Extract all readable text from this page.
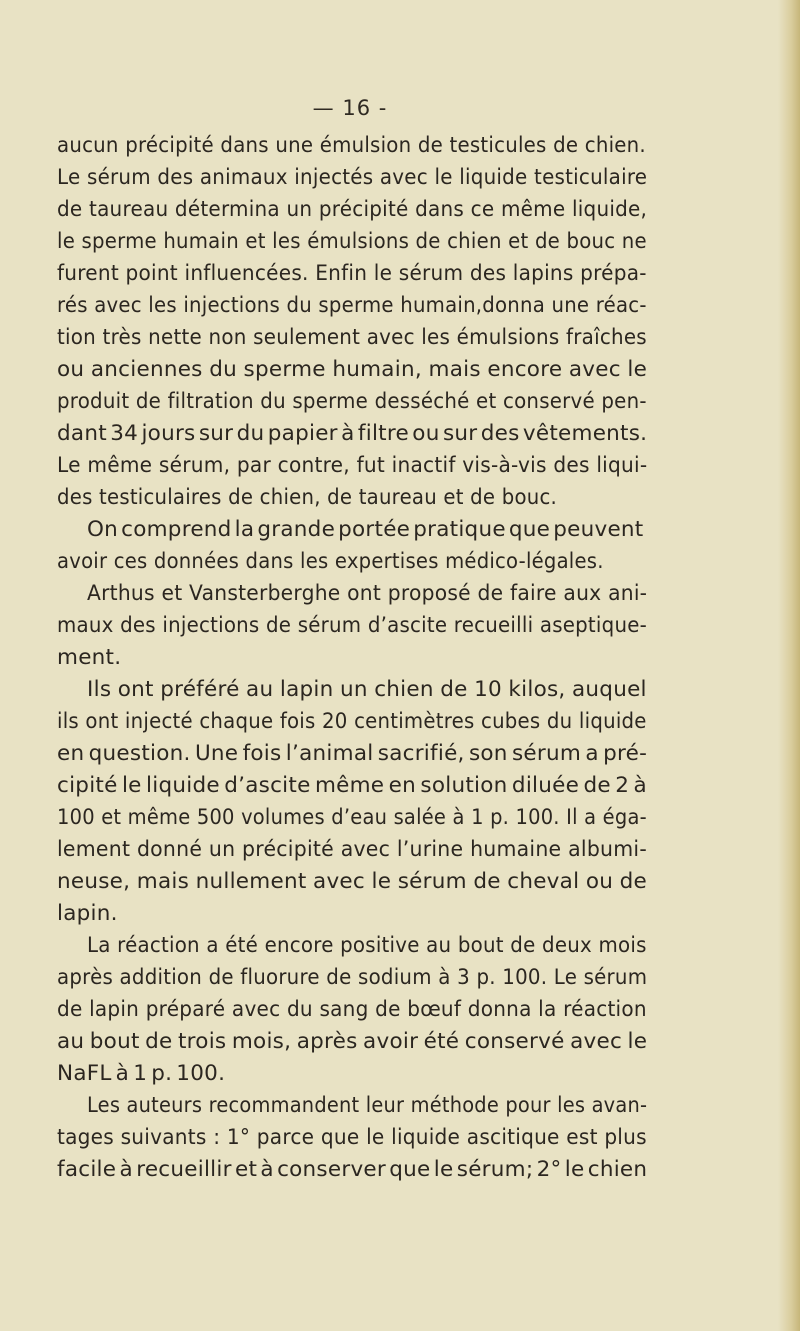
— 16 -
aucun précipité dans une émulsion de testicules de chien.
Le sérum des animaux injectés avec le liquide testiculaire
de taureau détermina un précipité dans ce même liquide,
le sperme humain et les émulsions de chien et de bouc ne
furent point influencées. Enfin le sérum des lapins prépa-
rés avec les injections du sperme humain,donna une réac-
tion très nette non seulement avec les émulsions fraîches
ou anciennes du sperme humain, mais encore avec le
produit de filtration du sperme desséché et conservé pen-
dant 34 jours sur du papier à filtre ou sur des vêtements.
Le même sérum, par contre, fut inactif vis-à-vis des liqui-
des testiculaires de chien, de taureau et de bouc.
On comprend la grande portée pratique que peuvent
avoir ces données dans les expertises médico-légales.
Arthus et Vansterberghe ont proposé de faire aux ani-
maux des injections de sérum d’ascite recueilli aseptique-
ment.
Ils ont préféré au lapin un chien de 10 kilos, auquel
ils ont injecté chaque fois 20 centimètres cubes du liquide
en question. Une fois l’animal sacrifié, son sérum a pré-
cipité le liquide d’ascite même en solution diluée de 2 à
100 et même 500 volumes d’eau salée à 1 p. 100. Il a éga-
lement donné un précipité avec l’urine humaine albumi-
neuse, mais nullement avec le sérum de cheval ou de
lapin.
La réaction a été encore positive au bout de deux mois
après addition de fluorure de sodium à 3 p. 100. Le sérum
de lapin préparé avec du sang de bœuf donna la réaction
au bout de trois mois, après avoir été conservé avec le
NaFL à 1 p. 100.
Les auteurs recommandent leur méthode pour les avan-
tages suivants : 1° parce que le liquide ascitique est plus
facile à recueillir et à conserver que le sérum; 2° le chien
